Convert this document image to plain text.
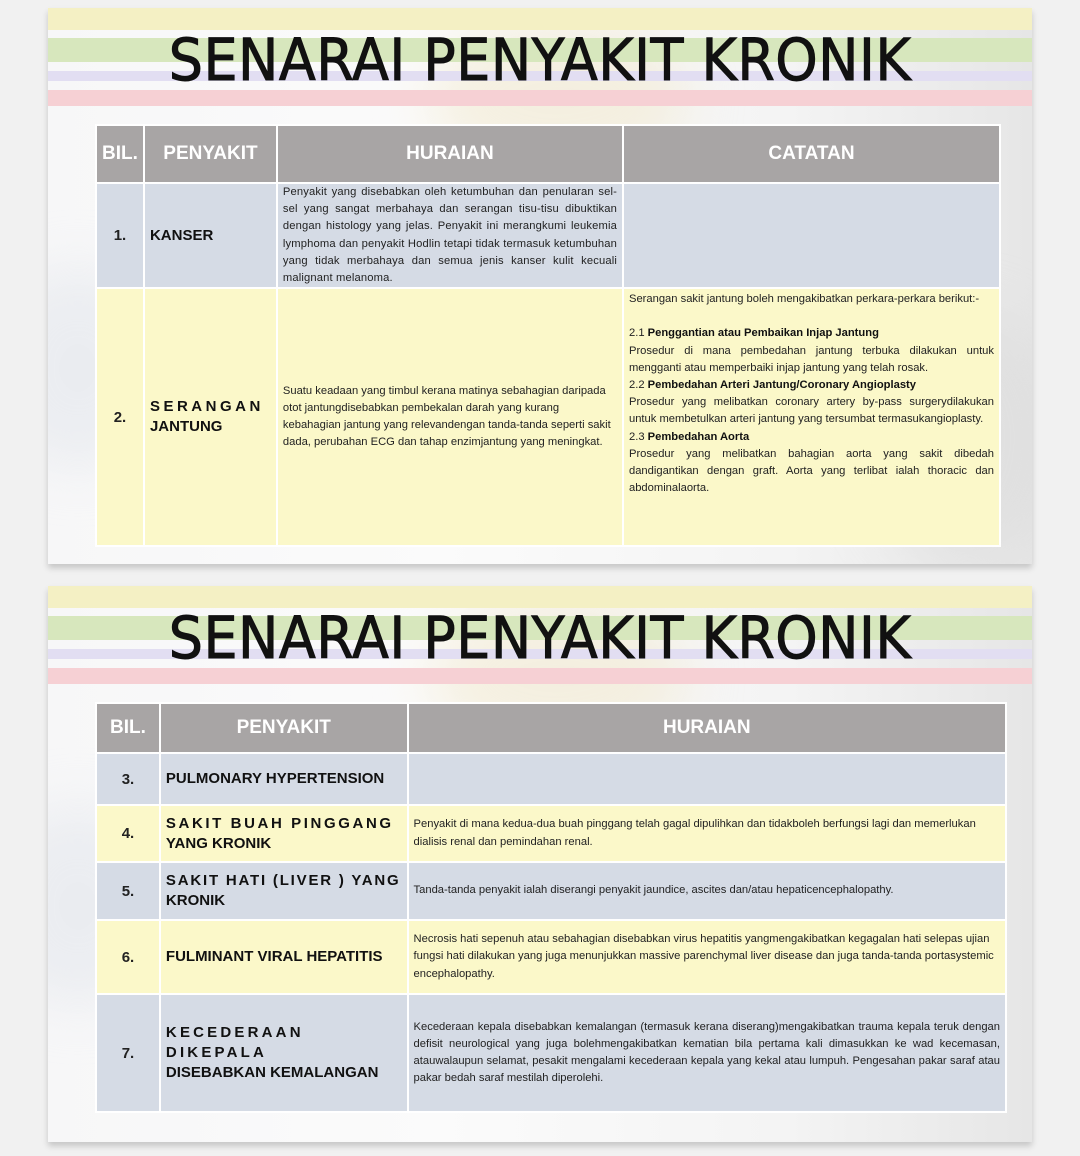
SENARAI PENYAKIT KRONIK
BIL.	PENYAKIT	HURAIAN	CATATAN
1.	KANSER	Penyakit yang disebabkan oleh ketumbuhan dan penularan sel-sel yang sangat merbahaya dan serangan tisu-tisu dibuktikan dengan histology yang jelas. Penyakit ini merangkumi leukemia lymphoma dan penyakit Hodlin tetapi tidak termasuk ketumbuhan yang tidak merbahaya dan semua jenis kanser kulit kecuali malignant melanoma.	
2.	SERANGAN
JANTUNG	Suatu keadaan yang timbul kerana matinya sebahagian daripada otot jantungdisebabkan pembekalan darah yang kurang kebahagian jantung yang relevandengan tanda-tanda seperti sakit dada, perubahan ECG dan tahap enzimjantung yang meningkat.	Serangan sakit jantung boleh mengakibatkan perkara-perkara berikut:-
2.1 Penggantian atau Pembaikan Injap Jantung
Prosedur di mana pembedahan jantung terbuka dilakukan untuk mengganti atau memperbaiki injap jantung yang telah rosak.
2.2 Pembedahan Arteri Jantung/Coronary Angioplasty
Prosedur yang melibatkan coronary artery by-pass surgerydilakukan untuk membetulkan arteri jantung yang tersumbat termasukangioplasty.
2.3 Pembedahan Aorta
Prosedur yang melibatkan bahagian aorta yang sakit dibedah dandigantikan dengan graft. Aorta yang terlibat ialah thoracic dan abdominalaorta.
SENARAI PENYAKIT KRONIK
BIL.	PENYAKIT	HURAIAN
3.	PULMONARY HYPERTENSION	
4.	SAKIT BUAH PINGGANG
YANG KRONIK	Penyakit di mana kedua-dua buah pinggang telah gagal dipulihkan dan tidakboleh berfungsi lagi dan memerlukan dialisis renal dan pemindahan renal.
5.	SAKIT HATI (LIVER ) YANG
KRONIK	Tanda-tanda penyakit ialah diserangi penyakit jaundice, ascites dan/atau hepaticencephalopathy.
6.	FULMINANT VIRAL HEPATITIS	Necrosis hati sepenuh atau sebahagian disebabkan virus hepatitis yangmengakibatkan kegagalan hati selepas ujian fungsi hati dilakukan yang juga menunjukkan massive parenchymal liver disease dan juga tanda-tanda portasystemic encephalopathy.
7.	KECEDERAAN DIKEPALA
DISEBABKAN KEMALANGAN	Kecederaan kepala disebabkan kemalangan (termasuk kerana diserang)mengakibatkan trauma kepala teruk dengan defisit neurological yang juga bolehmengakibatkan kematian bila pertama kali dimasukkan ke wad kecemasan, atauwalaupun selamat, pesakit mengalami kecederaan kepala yang kekal atau lumpuh. Pengesahan pakar saraf atau pakar bedah saraf mestilah diperolehi.
